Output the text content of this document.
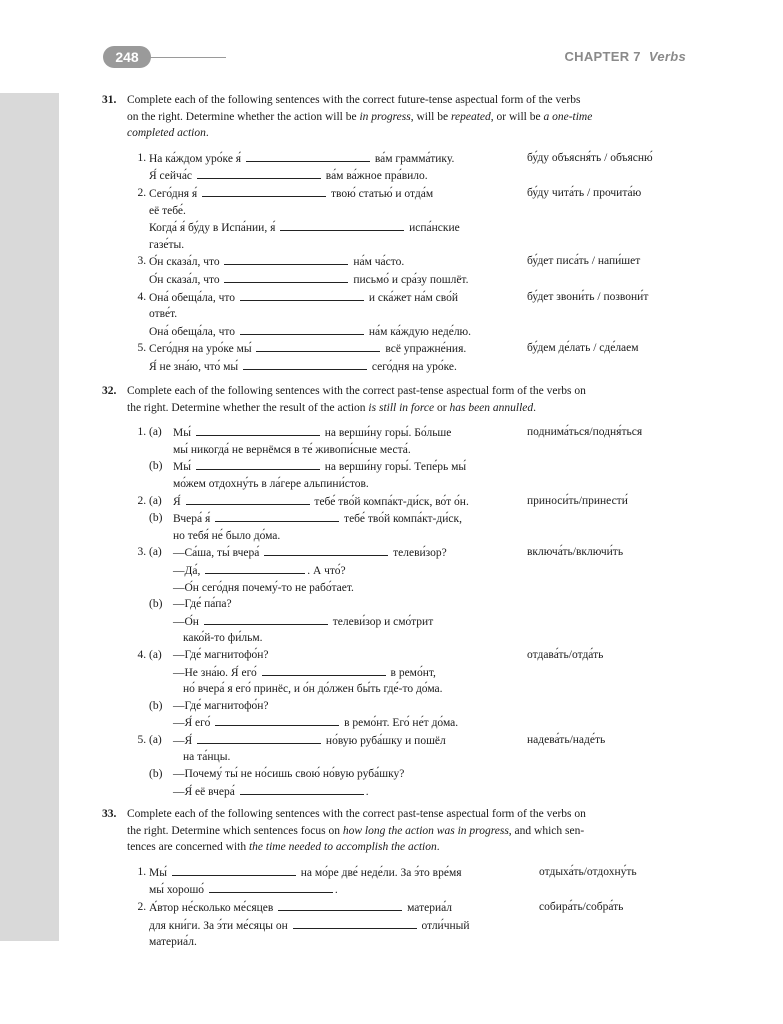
248	CHAPTER 7 Verbs
31. Complete each of the following sentences with the correct future-tense aspectual form of the verbs
on the right. Determine whether the action will be in progress, will be repeated, or will be a one-time
completed action.
1. На ка́ждом уро́ке я́	ва́м грамма́тику.	бу́ду объясня́ть / объясню́
Я́ сейча́с	ва́м ва́жное пра́вило.
2. Сего́дня я́	твою́ статью́ и отда́м	бу́ду чита́ть / прочита́ю
её тебе́.
Когда́ я́ бу́ду в Испа́нии, я́	испа́нские
газе́ты.
3. О́н сказа́л, что	на́м ча́сто.	бу́дет писа́ть / напи́шет
О́н сказа́л, что	письмо́ и сра́зу пошлёт.
4. Она́ обеща́ла, что	и ска́жет на́м сво́й	бу́дет звони́ть / позвони́т
отве́т.
Она́ обеща́ла, что	на́м ка́ждую неде́лю.
5. Сего́дня на уро́ке мы́	всё упражне́ния.	бу́дем де́лать / сде́лаем
Я́ не зна́ю, что́ мы́	сего́дня на уро́ке.
32. Complete each of the following sentences with the correct past-tense aspectual form of the verbs on
the right. Determine whether the result of the action is still in force or has been annulled.
1. (a) Мы́	на верши́ну горы́. Бо́льше	поднима́ться/подня́ться
мы́ никогда́ не вернёмся в те́ живопи́сные места́.
(b) Мы́	на верши́ну горы́. Тепе́рь мы́
мо́жем отдохну́ть в ла́гере альпини́стов.
2. (a) Я́	тебе́ тво́й компа́кт-ди́ск, во́т о́н.	приноси́ть/принести́
(b) Вчера́ я́	тебе́ тво́й компа́кт-ди́ск,
но тебя́ не́ было до́ма.
3. (a) —Са́ша, ты́ вчера́	телеви́зор?	включа́ть/включи́ть
—Да́,	. А что́?
—О́н сего́дня почему́-то не рабо́тает.
(b) —Где́ па́па?
—О́н	телеви́зор и смо́трит
како́й-то фи́льм.
4. (a) —Где́ магнитофо́н?	отдава́ть/отда́ть
—Не зна́ю. Я́ его́	в ремо́нт,
но́ вчера́ я его́ принёс, и о́н до́лжен бы́ть где́-то до́ма.
(b) —Где́ магнитофо́н?
—Я́ его́	в ремо́нт. Его́ не́т до́ма.
5. (a) —Я́	но́вую руба́шку и пошёл	надева́ть/наде́ть
на та́нцы.
(b) —Почему́ ты́ не но́сишь свою́ но́вую руба́шку?
—Я́ её вчера́	.
33. Complete each of the following sentences with the correct past-tense aspectual form of the verbs on
the right. Determine which sentences focus on how long the action was in progress, and which sen-
tences are concerned with the time needed to accomplish the action.
1. Мы́	на мо́ре две́ неде́ли. За э́то вре́мя	отдыха́ть/отдохну́ть
мы́ хорошо́	.
2. А́втор не́сколько ме́сяцев	материа́л	собира́ть/собра́ть
для кни́ги. За э́ти ме́сяцы он	отли́чный
материа́л.
